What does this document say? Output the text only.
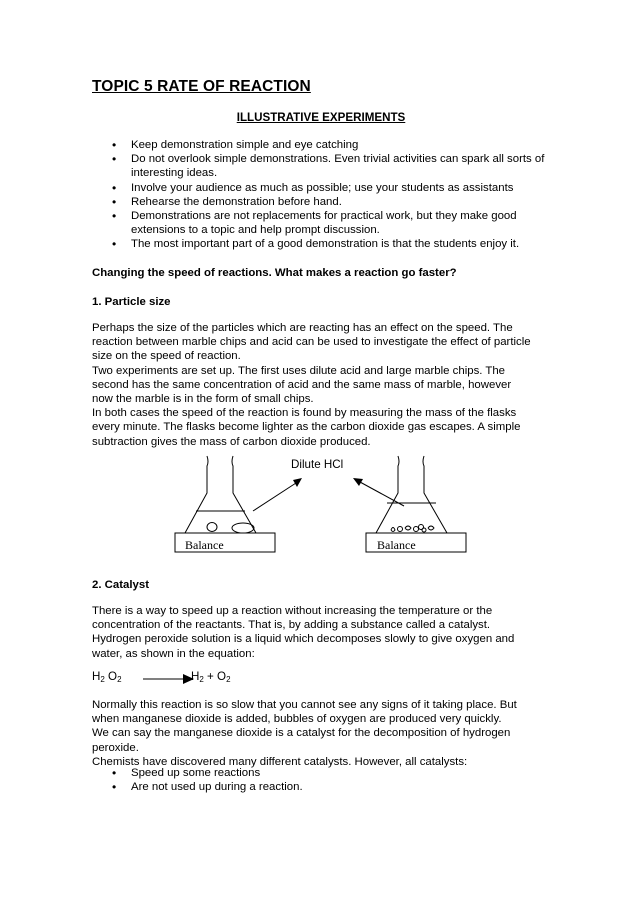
TOPIC 5 RATE OF REACTION
ILLUSTRATIVE EXPERIMENTS
• Keep demonstration simple and eye catching
• Do not overlook simple demonstrations. Even trivial activities can spark all sorts of interesting ideas.
• Involve your audience as much as possible; use your students as assistants
• Rehearse the demonstration before hand.
• Demonstrations are not replacements for practical work, but they make good extensions to a topic and help prompt discussion.
• The most important part of a good demonstration is that the students enjoy it.
Changing the speed of reactions. What makes a reaction go faster?
1. Particle size
Perhaps the size of the particles which are reacting has an effect on the speed. The
reaction between marble chips and acid can be used to investigate the effect of particle
size on the speed of reaction.
Two experiments are set up. The first uses dilute acid and large marble chips. The
second has the same concentration of acid and the same mass of marble, however
now the marble is in the form of small chips.
In both cases the speed of the reaction is found by measuring the mass of the flasks
every minute. The flasks become lighter as the carbon dioxide gas escapes. A simple
subtraction gives the mass of carbon dioxide produced.
Dilute HCl
Balance	Balance
2. Catalyst
There is a way to speed up a reaction without increasing the temperature or the
concentration of the reactants. That is, by adding a substance called a catalyst.
Hydrogen peroxide solution is a liquid which decomposes slowly to give oxygen and
water, as shown in the equation:
$H_2$ $O_2$	$H_2 + O_2$
Normally this reaction is so slow that you cannot see any signs of it taking place. But
when manganese dioxide is added, bubbles of oxygen are produced very quickly.
We can say the manganese dioxide is a catalyst for the decomposition of hydrogen
peroxide.
Chemists have discovered many different catalysts. However, all catalysts:
• Speed up some reactions
• Are not used up during a reaction.
